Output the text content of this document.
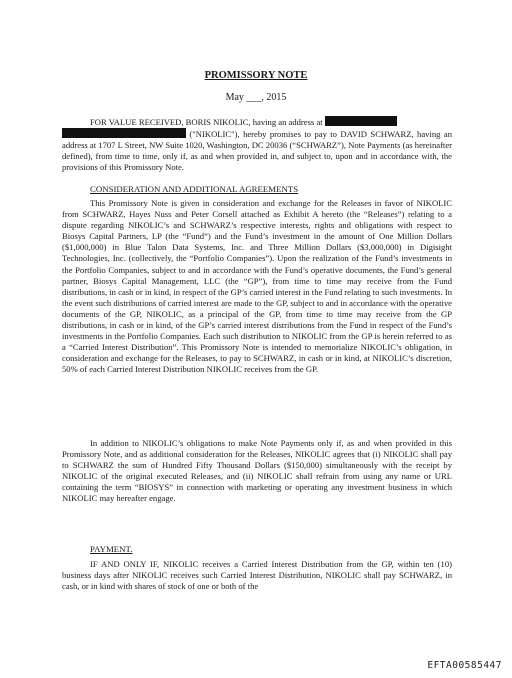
PROMISSORY NOTE
May ___, 2015

FOR VALUE RECEIVED, BORIS NIKOLIC, having an address at
("NIKOLIC"), hereby promises to pay to DAVID SCHWARZ, having an address at 1707 L Street, NW Suite 1020, Washington, DC 20036 (“SCHWARZ”), Note Payments (as hereinafter defined), from time to time, only if, as and when provided in, and subject to, upon and in accordance with, the provisions of this Promissory Note.

CONSIDERATION AND ADDITIONAL AGREEMENTS

This Promissory Note is given in consideration and exchange for the Releases in favor of NIKOLIC from SCHWARZ, Hayes Nuss and Peter Corsell attached as Exhibit A hereto (the “Releases”) relating to a dispute regarding NIKOLIC’s and SCHWARZ’s respective interests, rights and obligations with respect to Biosys Capital Partners, LP (the “Fund”) and the Fund’s investment in the amount of One Million Dollars ($1,000,000) in Blue Talon Data Systems, Inc. and Three Million Dollars ($3,000,000) in Digisight Technologies, Inc. (collectively, the “Portfolio Companies”). Upon the realization of the Fund’s investments in the Portfolio Companies, subject to and in accordance with the Fund’s operative documents, the Fund’s general partner, Biosys Capital Management, LLC (the “GP”), from time to time may receive from the Fund distributions, in cash or in kind, in respect of the GP’s carried interest in the Fund relating to such investments. In the event such distributions of carried interest are made to the GP, subject to and in accordance with the operative documents of the GP, NIKOLIC, as a principal of the GP, from time to time may receive from the GP distributions, in cash or in kind, of the GP’s carried interest distributions from the Fund in respect of the Fund’s investments in the Portfolio Companies. Each such distribution to NIKOLIC from the GP is herein referred to as a “Carried Interest Distribution”. This Promissory Note is intended to memorialize NIKOLIC’s obligation, in consideration and exchange for the Releases, to pay to SCHWARZ, in cash or in kind, at NIKOLIC’s discretion, 50% of each Carried Interest Distribution NIKOLIC receives from the GP.

In addition to NIKOLIC’s obligations to make Note Payments only if, as and when provided in this Promissory Note, and as additional consideration for the Releases, NIKOLIC agrees that (i) NIKOLIC shall pay to SCHWARZ the sum of Hundred Fifty Thousand Dollars ($150,000) simultaneously with the receipt by NIKOLIC of the original executed Releases, and (ii) NIKOLIC shall refrain from using any name or URL containing the term “BIOSYS” in connection with marketing or operating any investment business in which NIKOLIC may hereafter engage.

PAYMENT.

IF AND ONLY IF, NIKOLIC receives a Carried Interest Distribution from the GP, within ten (10) business days after NIKOLIC receives such Carried Interest Distribution, NIKOLIC shall pay SCHWARZ, in cash, or in kind with shares of stock of one or both of the

EFTA00585447
